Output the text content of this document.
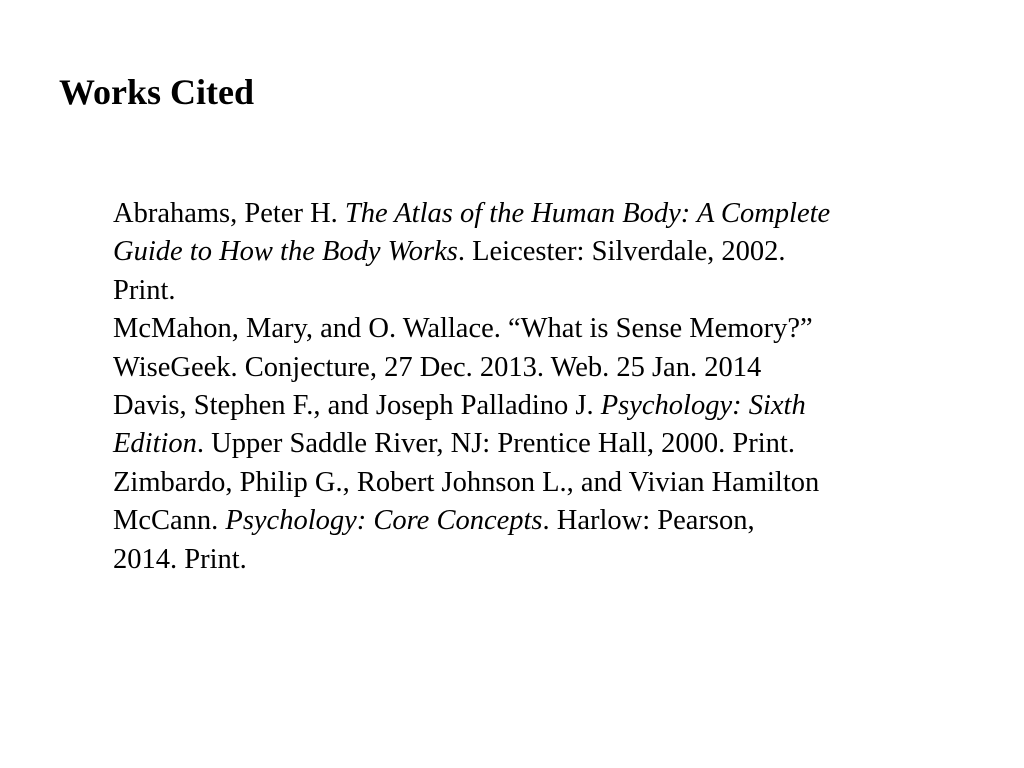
Works Cited
Abrahams, Peter H. The Atlas of the Human Body: A Complete
Guide to How the Body Works. Leicester: Silverdale, 2002.
Print.
McMahon, Mary, and O. Wallace. “What is Sense Memory?”
WiseGeek. Conjecture, 27 Dec. 2013. Web. 25 Jan. 2014
Davis, Stephen F., and Joseph Palladino J. Psychology: Sixth
Edition. Upper Saddle River, NJ: Prentice Hall, 2000. Print.
Zimbardo, Philip G., Robert Johnson L., and Vivian Hamilton
McCann. Psychology: Core Concepts. Harlow: Pearson,
2014. Print.
